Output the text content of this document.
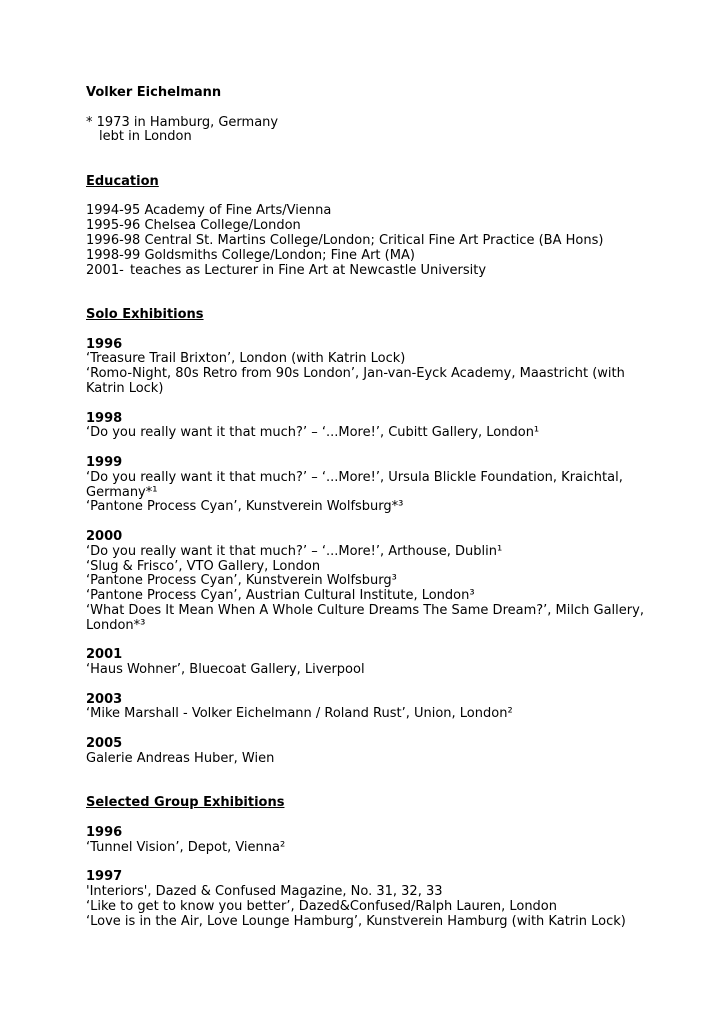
Volker Eichelmann
* 1973 in Hamburg, Germany
lebt in London
Education
1994-95 Academy of Fine Arts/Vienna
1995-96 Chelsea College/London
1996-98 Central St. Martins College/London; Critical Fine Art Practice (BA Hons)
1998-99 Goldsmiths College/London; Fine Art (MA)
2001- teaches as Lecturer in Fine Art at Newcastle University
Solo Exhibitions
1996
‘Treasure Trail Brixton’, London (with Katrin Lock)
‘Romo-Night, 80s Retro from 90s London’, Jan-van-Eyck Academy, Maastricht (with
Katrin Lock)
1998
‘Do you really want it that much?’ – ‘...More!’, Cubitt Gallery, London¹
1999
‘Do you really want it that much?’ – ‘...More!’, Ursula Blickle Foundation, Kraichtal,
Germany*¹
‘Pantone Process Cyan’, Kunstverein Wolfsburg*³
2000
‘Do you really want it that much?’ – ‘...More!’, Arthouse, Dublin¹
‘Slug & Frisco’, VTO Gallery, London
‘Pantone Process Cyan’, Kunstverein Wolfsburg³
‘Pantone Process Cyan’, Austrian Cultural Institute, London³
‘What Does It Mean When A Whole Culture Dreams The Same Dream?’, Milch Gallery,
London*³
2001
‘Haus Wohner’, Bluecoat Gallery, Liverpool
2003
‘Mike Marshall - Volker Eichelmann / Roland Rust’, Union, London²
2005
Galerie Andreas Huber, Wien
Selected Group Exhibitions
1996
‘Tunnel Vision’, Depot, Vienna²
1997
'Interiors', Dazed & Confused Magazine, No. 31, 32, 33
‘Like to get to know you better’, Dazed&Confused/Ralph Lauren, London
‘Love is in the Air, Love Lounge Hamburg’, Kunstverein Hamburg (with Katrin Lock)
